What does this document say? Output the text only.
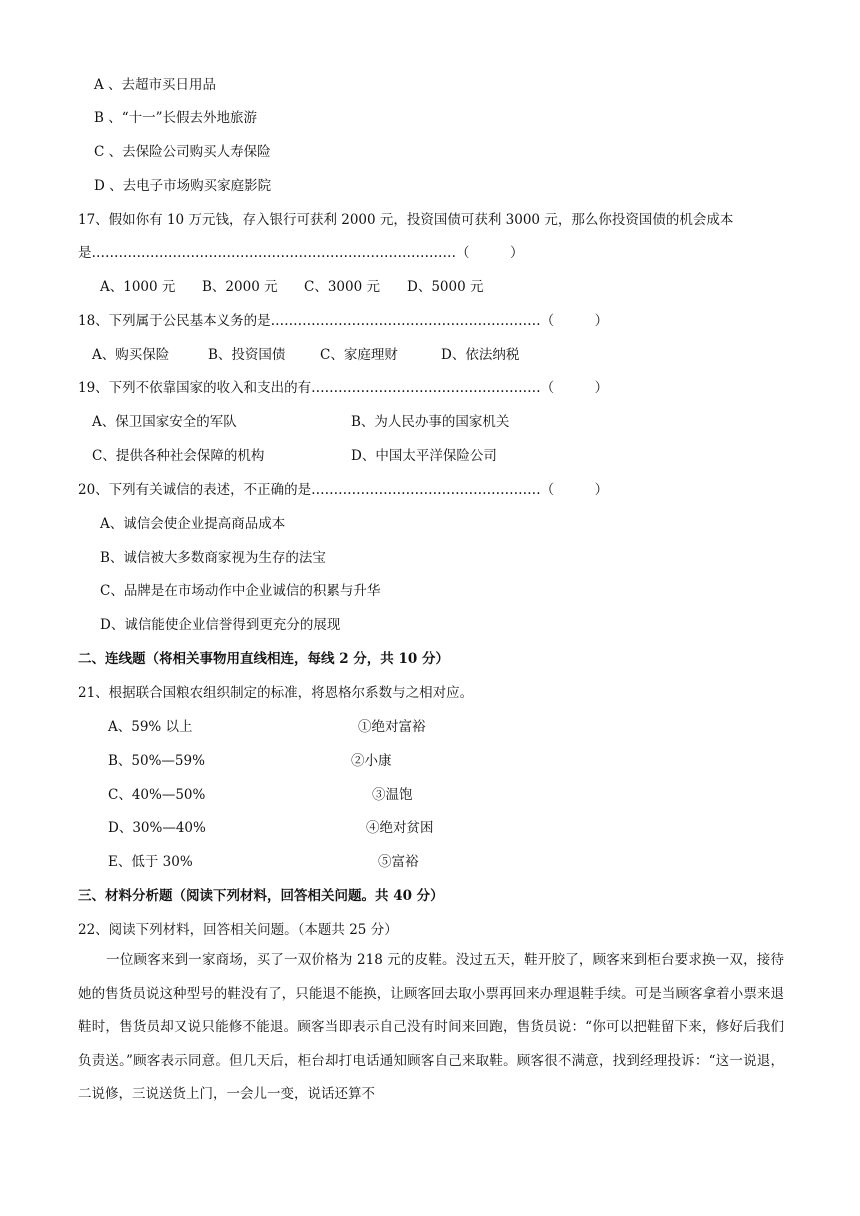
A 、去超市买日用品
B 、“十一”长假去外地旅游
C 、去保险公司购买人寿保险
D 、去电子市场购买家庭影院
17、假如你有 10 万元钱，存入银行可获利 2000 元，投资国债可获利 3000 元，那么你投资国债的机会成本
是………………………………………………………………………（　　　）
A、1000 元 B、2000 元 C、3000 元 D、5000 元
18、下列属于公民基本义务的是……………………………………………………（　　　）
A、购买保险	B、投资国债	C、家庭理财	D、依法纳税
19、下列不依靠国家的收入和支出的有……………………………………………（　　　）
A、保卫国家安全的军队	B、为人民办事的国家机关
C、提供各种社会保障的机构	D、中国太平洋保险公司
20、下列有关诚信的表述，不正确的是……………………………………………（　　　）
A、诚信会使企业提高商品成本
B、诚信被大多数商家视为生存的法宝
C、品牌是在市场动作中企业诚信的积累与升华
D、诚信能使企业信誉得到更充分的展现
二、连线题（将相关事物用直线相连，每线 2 分，共 10 分）
21、根据联合国粮农组织制定的标准，将恩格尔系数与之相对应。
A、59% 以上	①绝对富裕
B、50%—59%	②小康
C、40%—50%	③温饱
D、30%—40%	④绝对贫困
E、低于 30%	⑤富裕
三、材料分析题（阅读下列材料，回答相关问题。共 40 分）
22、阅读下列材料，回答相关问题。（本题共 25 分）
一位顾客来到一家商场，买了一双价格为 218 元的皮鞋。没过五天，鞋开胶了，顾客来到柜台要求换一双，接待她的售货员说这种型号的鞋没有了，只能退不能换，让顾客回去取小票再回来办理退鞋手续。可是当顾客拿着小票来退鞋时，售货员却又说只能修不能退。顾客当即表示自己没有时间来回跑，售货员说：“你可以把鞋留下来，修好后我们负责送。”顾客表示同意。但几天后，柜台却打电话通知顾客自己来取鞋。顾客很不满意，找到经理投诉：“这一说退，二说修，三说送货上门，一会儿一变，说话还算不
